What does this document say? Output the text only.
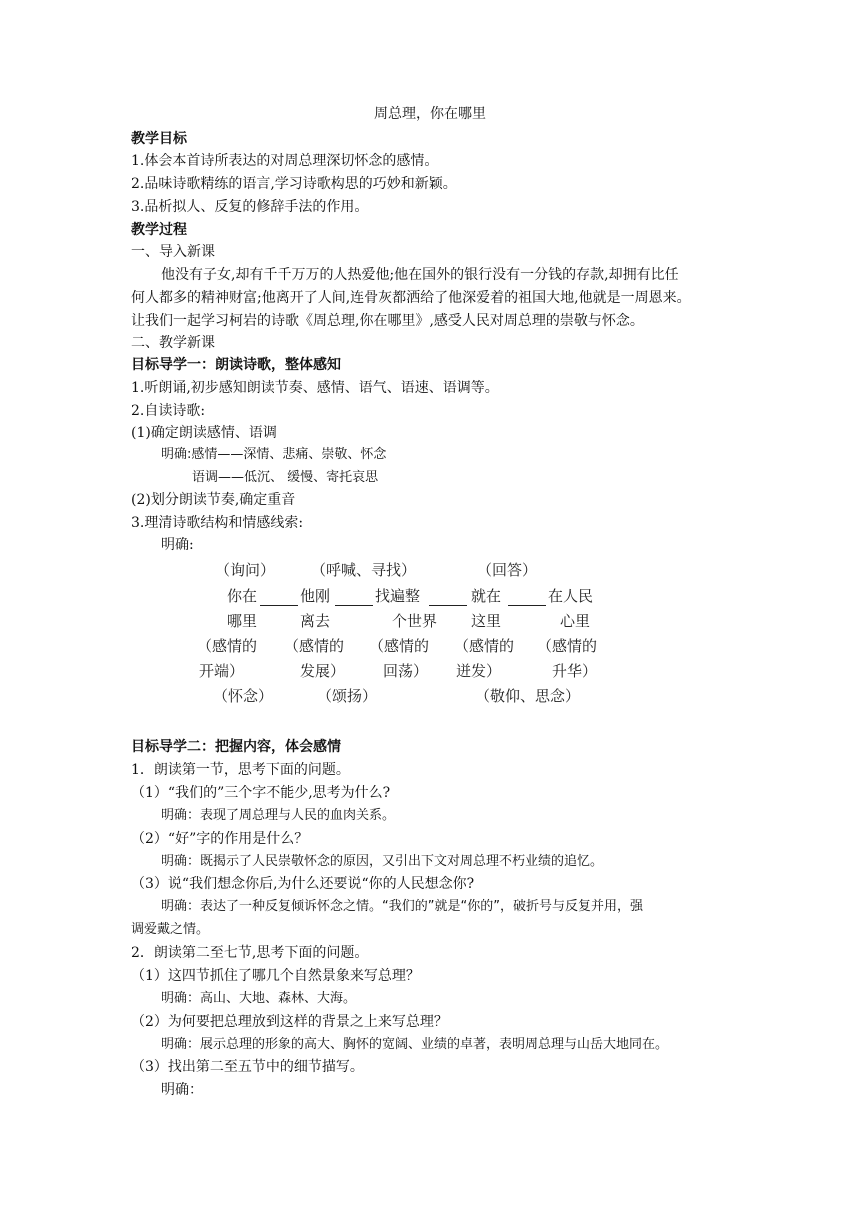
周总理，你在哪里
教学目标
1.体会本首诗所表达的对周总理深切怀念的感情。
2.品味诗歌精练的语言,学习诗歌构思的巧妙和新颖。
3.品析拟人、反复的修辞手法的作用。
教学过程
一、导入新课
他没有子女,却有千千万万的人热爱他;他在国外的银行没有一分钱的存款,却拥有比任
何人都多的精神财富;他离开了人间,连骨灰都洒给了他深爱着的祖国大地,他就是一周恩来。
让我们一起学习柯岩的诗歌《周总理,你在哪里》,感受人民对周总理的崇敬与怀念。
二、教学新课
目标导学一：朗读诗歌，整体感知
1.听朗诵,初步感知朗读节奏、感情、语气、语速、语调等。
2.自读诗歌:
(1)确定朗读感情、语调
明确:感情——深情、悲痛、崇敬、怀念
语调——低沉、 缓慢、寄托哀思
(2)划分朗读节奏,确定重音
3.理清诗歌结构和情感线索:
明确:
（询问） （呼喊、寻找）	（回答）
你在	他刚	找遍整	就在	在人民
哪里	离去	个世界 这里	心里
（感情的 （感情的 （感情的 （感情的 （感情的
开端）	发展）	回荡） 迸发）	升华）
（怀念）	（颂扬）	（敬仰、思念）
目标导学二：把握内容，体会感情
1．朗读第一节，思考下面的问题。
（1）“我们的”三个字不能少,思考为什么?
明确：表现了周总理与人民的血肉关系。
（2）“好”字的作用是什么？
明确：既揭示了人民崇敬怀念的原因，又引出下文对周总理不朽业绩的追忆。
（3）说“我们想念你后,为什么还要说“你的人民想念你?
明确：表达了一种反复倾诉怀念之情。“我们的”就是“你的”，破折号与反复并用，强
调爱戴之情。
2．朗读第二至七节,思考下面的问题。
（1）这四节抓住了哪几个自然景象来写总理？
明确：高山、大地、森林、大海。
（2）为何要把总理放到这样的背景之上来写总理？
明确：展示总理的形象的高大、胸怀的宽阔、业绩的卓著，表明周总理与山岳大地同在。
（3）找出第二至五节中的细节描写。
明确：
